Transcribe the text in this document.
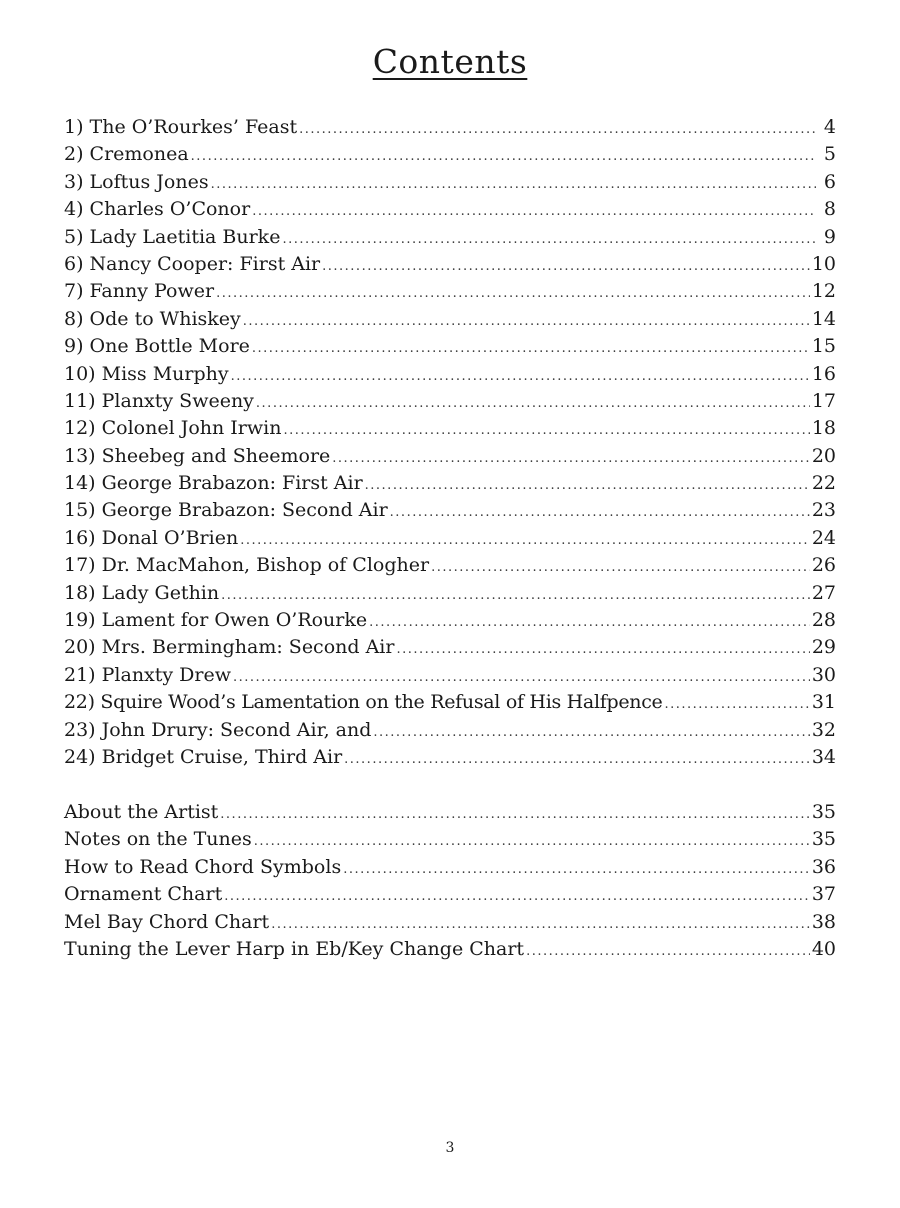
Contents
1) The O’Rourkes’ Feast .....	4
2) Cremonea .....	5
3) Loftus Jones .....	6
4) Charles O’Conor .....	8
5) Lady Laetitia Burke .....	9
6) Nancy Cooper: First Air .....	10
7) Fanny Power .....	12
8) Ode to Whiskey .....	14
9) One Bottle More .....	15
10) Miss Murphy .....	16
11) Planxty Sweeny .....	17
12) Colonel John Irwin .....	18
13) Sheebeg and Sheemore .....	20
14) George Brabazon: First Air .....	22
15) George Brabazon: Second Air .....	23
16) Donal O’Brien .....	24
17) Dr. MacMahon, Bishop of Clogher .....	26
18) Lady Gethin .....	27
19) Lament for Owen O’Rourke .....	28
20) Mrs. Bermingham: Second Air .....	29
21) Planxty Drew .....	30
22) Squire Wood’s Lamentation on the Refusal of His Halfpence .....	31
23) John Drury: Second Air, and .....	32
24) Bridget Cruise, Third Air .....	34
About the Artist .....	35
Notes on the Tunes .....	35
How to Read Chord Symbols .....	36
Ornament Chart .....	37
Mel Bay Chord Chart .....	38
Tuning the Lever Harp in Eb/Key Change Chart .....	40
3
